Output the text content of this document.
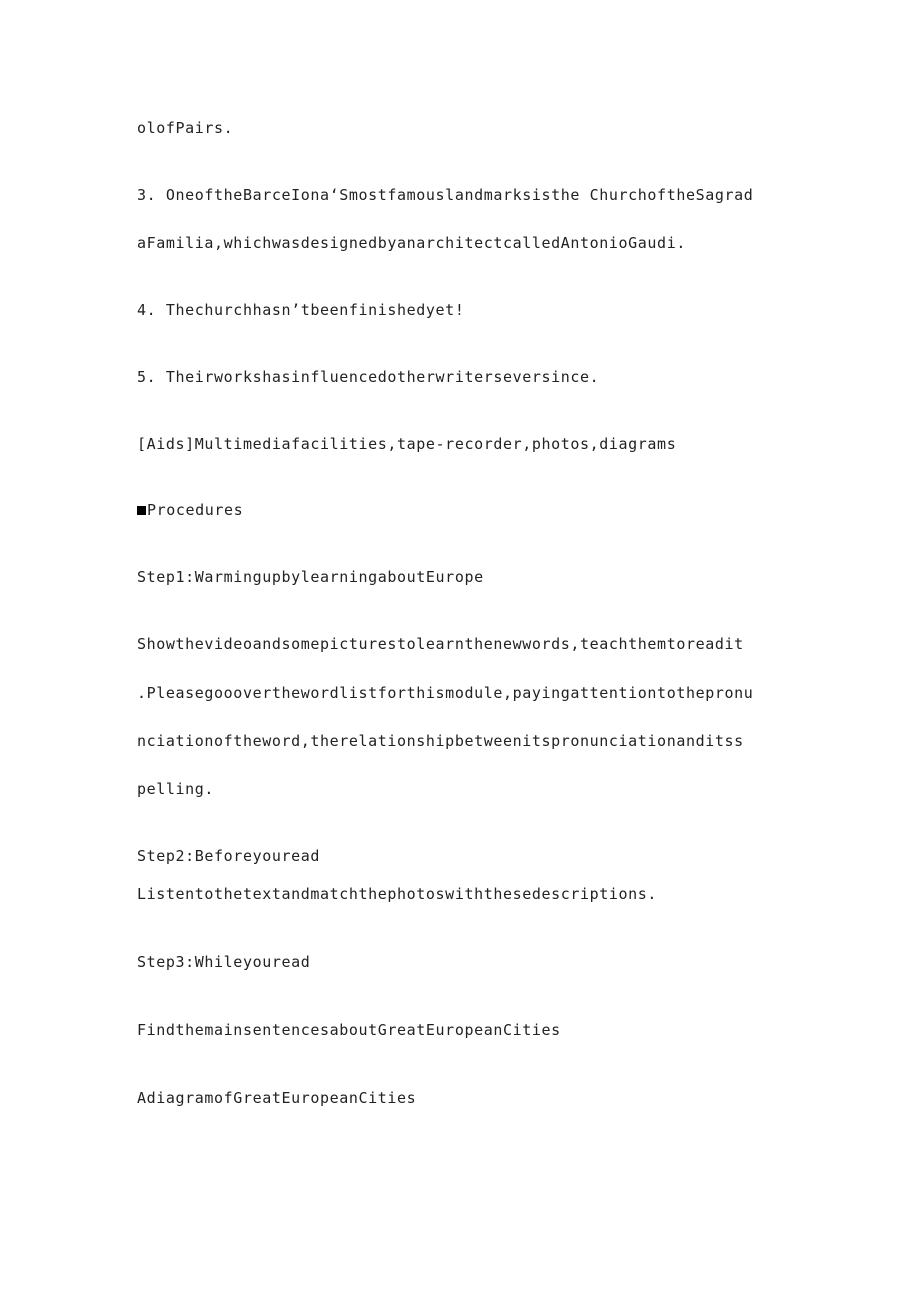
olofPairs.
3. OneoftheBarceIona‘Smostfamouslandmarksisthe ChurchoftheSagrad
aFamilia,whichwasdesignedbyanarchitectcalledAntonioGaudi.
4. Thechurchhasn’tbeenfinishedyet!
5. Theirworkshasinfluencedotherwriterseversince.
[Aids]Multimediafacilities,tape-recorder,photos,diagrams
Procedures
Step1:WarmingupbylearningaboutEurope
Showthevideoandsomepicturestolearnthenewwords,teachthemtoreadit
.Pleasegoooverthewordlistforthismodule,payingattentiontothepronu
nciationoftheword,therelationshipbetweenitspronunciationanditss
pelling.
Step2:Beforeyouread
Listentothetextandmatchthephotoswiththesedescriptions.
Step3:Whileyouread
FindthemainsentencesaboutGreatEuropeanCities
AdiagramofGreatEuropeanCities
